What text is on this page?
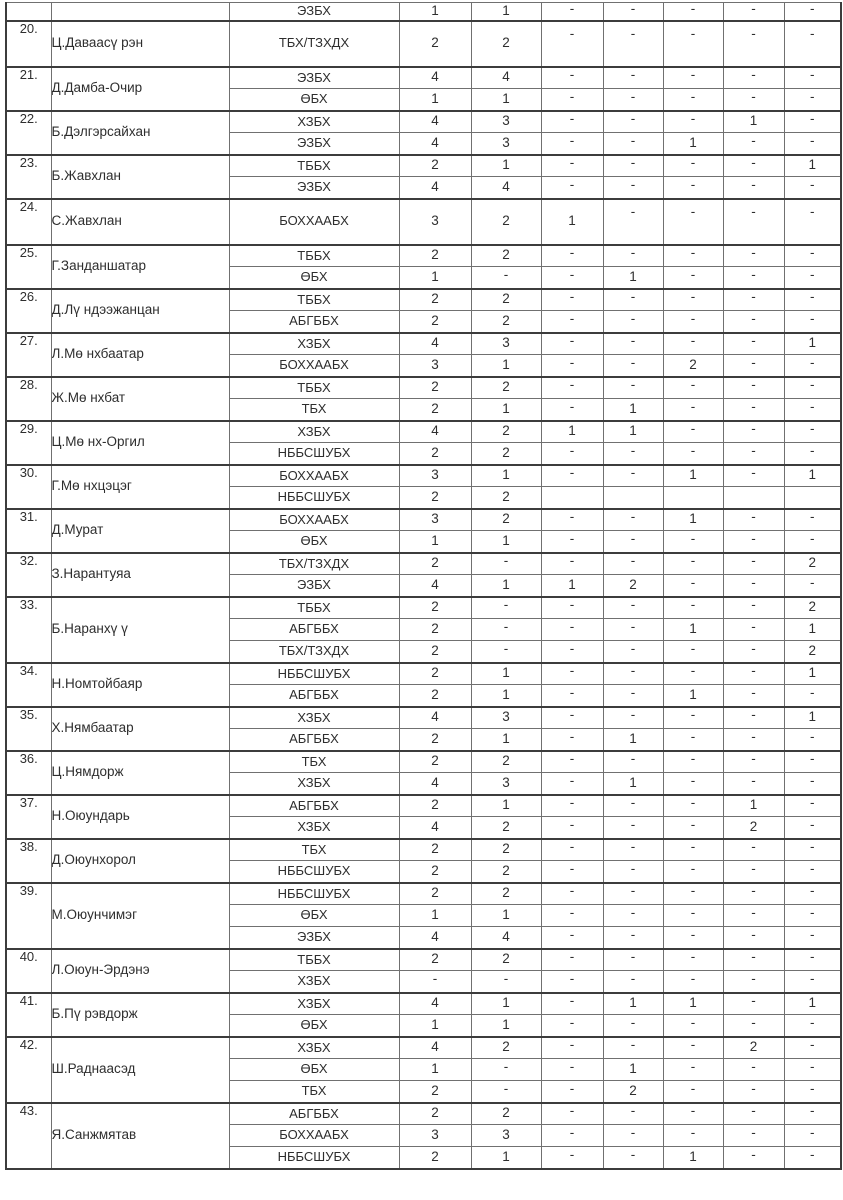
		ЭЗБХ	1	1	-	-	-	-	-
20.	Ц.Даваасү рэн	ТБХ/ТЗХДХ	2	2	-	-	-	-	-
21.	Д.Дамба-Очир	ЭЗБХ	4	4	-	-	-	-	-
		ӨБХ	1	1	-	-	-	-	-
22.	Б.Дэлгэрсайхан	ХЗБХ	4	3	-	-	-	1	-
		ЭЗБХ	4	3	-	-	1	-	-
23.	Б.Жавхлан	ТББХ	2	1	-	-	-	-	1
		ЭЗБХ	4	4	-	-	-	-	-
24.	С.Жавхлан	БОХХААБХ	3	2	1	-	-	-	-
25.	Г.Занданшатар	ТББХ	2	2	-	-	-	-	-
		ӨБХ	1	-	-	1	-	-	-
26.	Д.Лү ндээжанцан	ТББХ	2	2	-	-	-	-	-
		АБГББХ	2	2	-	-	-	-	-
27.	Л.Мө нхбаатар	ХЗБХ	4	3	-	-	-	-	1
		БОХХААБХ	3	1	-	-	2	-	-
28.	Ж.Мө нхбат	ТББХ	2	2	-	-	-	-	-
		ТБХ	2	1	-	1	-	-	-
29.	Ц.Мө нх-Оргил	ХЗБХ	4	2	1	1	-	-	-
		НББСШУБХ	2	2	-	-	-	-	-
30.	Г.Мө нхцэцэг	БОХХААБХ	3	1	-	-	1	-	1
		НББСШУБХ	2	2					
31.	Д.Мурат	БОХХААБХ	3	2	-	-	1	-	-
		ӨБХ	1	1	-	-	-	-	-
32.	З.Нарантуяа	ТБХ/ТЗХДХ	2	-	-	-	-	-	2
		ЭЗБХ	4	1	1	2	-	-	-
33.	Б.Наранхү ү	ТББХ	2	-	-	-	-	-	2
		АБГББХ	2	-	-	-	1	-	1
		ТБХ/ТЗХДХ	2	-	-	-	-	-	2
34.	Н.Номтойбаяр	НББСШУБХ	2	1	-	-	-	-	1
		АБГББХ	2	1	-	-	1	-	-
35.	Х.Нямбаатар	ХЗБХ	4	3	-	-	-	-	1
		АБГББХ	2	1	-	1	-	-	-
36.	Ц.Нямдорж	ТБХ	2	2	-	-	-	-	-
		ХЗБХ	4	3	-	1	-	-	-
37.	Н.Оюундарь	АБГББХ	2	1	-	-	-	1	-
		ХЗБХ	4	2	-	-	-	2	-
38.	Д.Оюунхорол	ТБХ	2	2	-	-	-	-	-
		НББСШУБХ	2	2	-	-	-	-	-
39.	М.Оюунчимэг	НББСШУБХ	2	2	-	-	-	-	-
		ӨБХ	1	1	-	-	-	-	-
		ЭЗБХ	4	4	-	-	-	-	-
40.	Л.Оюун-Эрдэнэ	ТББХ	2	2	-	-	-	-	-
		ХЗБХ	-	-	-	-	-	-	-
41.	Б.Пү рэвдорж	ХЗБХ	4	1	-	1	1	-	1
		ӨБХ	1	1	-	-	-	-	-
42.	Ш.Раднаасэд	ХЗБХ	4	2	-	-	-	2	-
		ӨБХ	1	-	-	1	-	-	-
		ТБХ	2	-	-	2	-	-	-
43.	Я.Санжмятав	АБГББХ	2	2	-	-	-	-	-
		БОХХААБХ	3	3	-	-	-	-	-
		НББСШУБХ	2	1	-	-	1	-	-
